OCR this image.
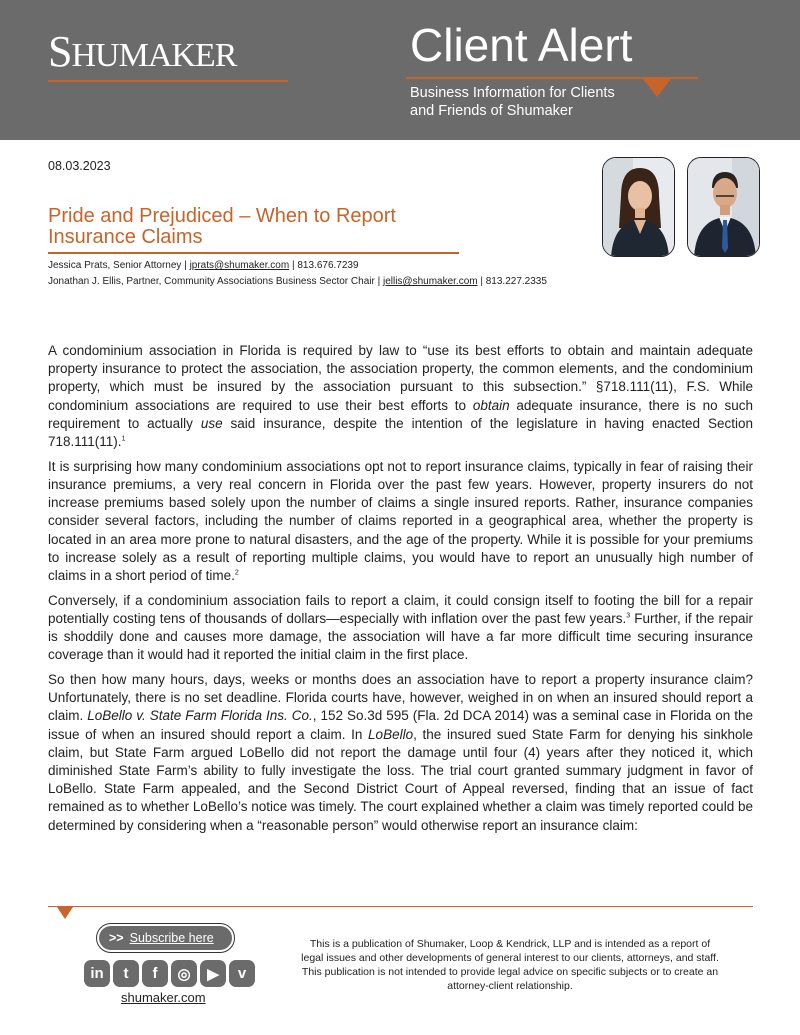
SHUMAKER	Client Alert
Business Information for Clients
and Friends of Shumaker
08.03.2023
Pride and Prejudiced – When to Report Insurance Claims
Jessica Prats, Senior Attorney | jprats@shumaker.com | 813.676.7239
Jonathan J. Ellis, Partner, Community Associations Business Sector Chair | jellis@shumaker.com | 813.227.2335

A condominium association in Florida is required by law to “use its best efforts to obtain and maintain adequate property insurance to protect the association, the association property, the common elements, and the condominium property, which must be insured by the association pursuant to this subsection.” §718.111(11), F.S. While condominium associations are required to use their best efforts to obtain adequate insurance, there is no such requirement to actually use said insurance, despite the intention of the legislature in having enacted Section 718.111(11).$^1$

It is surprising how many condominium associations opt not to report insurance claims, typically in fear of raising their insurance premiums, a very real concern in Florida over the past few years. However, property insurers do not increase premiums based solely upon the number of claims a single insured reports. Rather, insurance companies consider several factors, including the number of claims reported in a geographical area, whether the property is located in an area more prone to natural disasters, and the age of the property. While it is possible for your premiums to increase solely as a result of reporting multiple claims, you would have to report an unusually high number of claims in a short period of time.$^2$

Conversely, if a condominium association fails to report a claim, it could consign itself to footing the bill for a repair potentially costing tens of thousands of dollars—especially with inflation over the past few years.$^3$ Further, if the repair is shoddily done and causes more damage, the association will have a far more difficult time securing insurance coverage than it would had it reported the initial claim in the first place.

So then how many hours, days, weeks or months does an association have to report a property insurance claim? Unfortunately, there is no set deadline. Florida courts have, however, weighed in on when an insured should report a claim. LoBello v. State Farm Florida Ins. Co., 152 So.3d 595 (Fla. 2d DCA 2014) was a seminal case in Florida on the issue of when an insured should report a claim. In LoBello, the insured sued State Farm for denying his sinkhole claim, but State Farm argued LoBello did not report the damage until four (4) years after they noticed it, which diminished State Farm’s ability to fully investigate the loss. The trial court granted summary judgment in favor of LoBello. State Farm appealed, and the Second District Court of Appeal reversed, finding that an issue of fact remained as to whether LoBello’s notice was timely. The court explained whether a claim was timely reported could be determined by considering when a “reasonable person” would otherwise report an insurance claim:

>> Subscribe here
in	t	f	◎	▶	v
shumaker.com
This is a publication of Shumaker, Loop & Kendrick, LLP and is intended as a report of legal issues and other developments of general interest to our clients, attorneys, and staff. This publication is not intended to provide legal advice on specific subjects or to create an attorney-client relationship.
